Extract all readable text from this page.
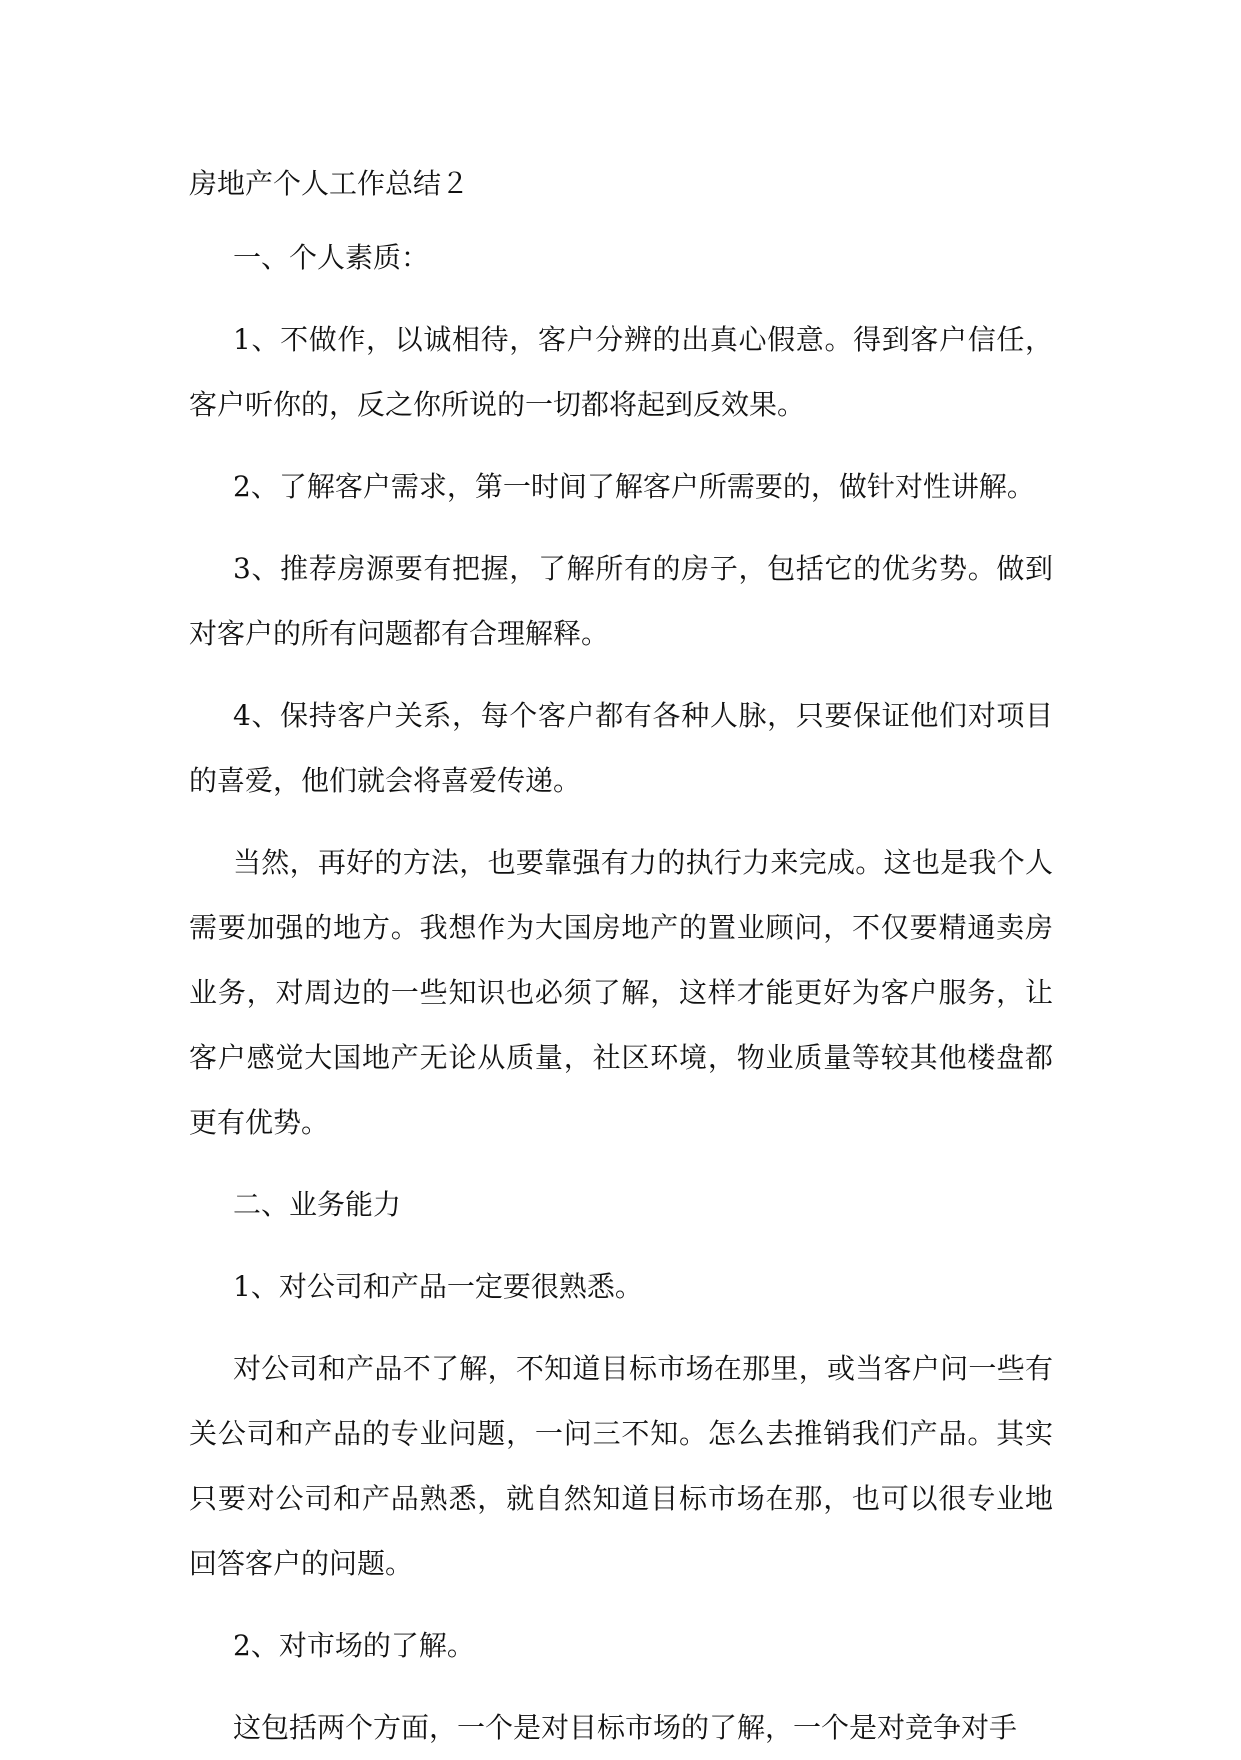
房地产个人工作总结２

一、个人素质：

1、不做作，以诚相待，客户分辨的出真心假意。得到客户信任，客户听你的，反之你所说的一切都将起到反效果。

2、了解客户需求，第一时间了解客户所需要的，做针对性讲解。

3、推荐房源要有把握，了解所有的房子，包括它的优劣势。做到对客户的所有问题都有合理解释。

4、保持客户关系，每个客户都有各种人脉，只要保证他们对项目的喜爱，他们就会将喜爱传递。

当然，再好的方法，也要靠强有力的执行力来完成。这也是我个人需要加强的地方。我想作为大国房地产的置业顾问，不仅要精通卖房业务，对周边的一些知识也必须了解，这样才能更好为客户服务，让客户感觉大国地产无论从质量，社区环境，物业质量等较其他楼盘都更有优势。

二、业务能力

1、对公司和产品一定要很熟悉。

对公司和产品不了解，不知道目标市场在那里，或当客户问一些有关公司和产品的专业问题，一问三不知。怎么去推销我们产品。其实只要对公司和产品熟悉，就自然知道目标市场在那，也可以很专业地回答客户的问题。

2、对市场的了解。

这包括两个方面，一个是对目标市场的了解，一个是对竞争对手
